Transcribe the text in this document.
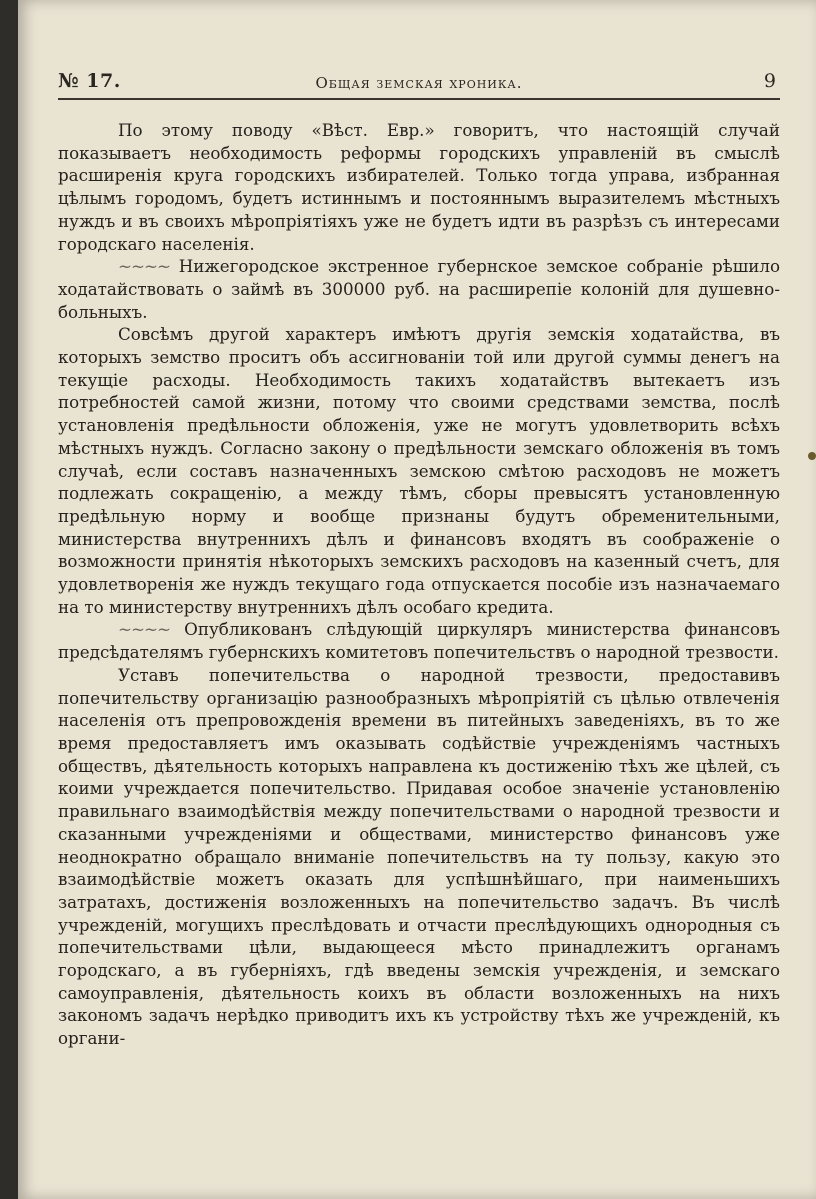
№ 17.	Общая земская хроника.	9

По этому поводу «Вѣст. Евр.» говоритъ, что настоящій случай показываетъ необходимость реформы городскихъ управленій въ смыслѣ расширенія круга городскихъ избирателей. Только тогда управа, избранная цѣлымъ городомъ, будетъ истиннымъ и постояннымъ выразителемъ мѣстныхъ нуждъ и въ своихъ мѣропріятіяхъ уже не будетъ идти въ разрѣзъ съ интересами городскаго населенія.

~~~~ Нижегородское экстренное губернское земское собраніе рѣшило ходатайствовать о займѣ въ 300000 руб. на расширепіе колоній для душевно-больныхъ.

Совсѣмъ другой характеръ имѣютъ другія земскія ходатайства, въ которыхъ земство проситъ объ ассигнованіи той или другой суммы денегъ на текущіе расходы. Необходимость такихъ ходатайствъ вытекаетъ изъ потребностей самой жизни, потому что своими средствами земства, послѣ установленія предѣльности обложенія, уже не могутъ удовлетворить всѣхъ мѣстныхъ нуждъ. Согласно закону о предѣльности земскаго обложенія въ томъ случаѣ, если составъ назначенныхъ земскою смѣтою расходовъ не можетъ подлежать сокращенію, а между тѣмъ, сборы превысятъ установленную предѣльную норму и вообще признаны будутъ обременительными, министерства внутреннихъ дѣлъ и финансовъ входятъ въ соображеніе о возможности принятія нѣкоторыхъ земскихъ расходовъ на казенный счетъ, для удовлетворенія же нуждъ текущаго года отпускается пособіе изъ назначаемаго на то министерству внутреннихъ дѣлъ особаго кредита.

~~~~ Опубликованъ слѣдующій циркуляръ министерства финансовъ предсѣдателямъ губернскихъ комитетовъ попечительствъ о народной трезвости.

Уставъ попечительства о народной трезвости, предоставивъ попечительству организацію разнообразныхъ мѣропріятій съ цѣлью отвлеченія населенія отъ препровожденія времени въ питейныхъ заведеніяхъ, въ то же время предоставляетъ имъ оказывать содѣйствіе учрежденіямъ частныхъ обществъ, дѣятельность которыхъ направлена къ достиженію тѣхъ же цѣлей, съ коими учреждается попечительство. Придавая особое значеніе установленію правильнаго взаимодѣйствія между попечительствами о народной трезвости и сказанными учрежденіями и обществами, министерство финансовъ уже неоднократно обращало вниманіе попечительствъ на ту пользу, какую это взаимодѣйствіе можетъ оказать для успѣшнѣйшаго, при наименьшихъ затратахъ, достиженія возложенныхъ на попечительство задачъ. Въ числѣ учрежденій, могущихъ преслѣдовать и отчасти преслѣдующихъ однородныя съ попечительствами цѣли, выдающееся мѣсто принадлежитъ органамъ городскаго, а въ губерніяхъ, гдѣ введены земскія учрежденія, и земскаго самоуправленія, дѣятельность коихъ въ области возложенныхъ на нихъ закономъ задачъ нерѣдко приводитъ ихъ къ устройству тѣхъ же учрежденій, къ органи-
